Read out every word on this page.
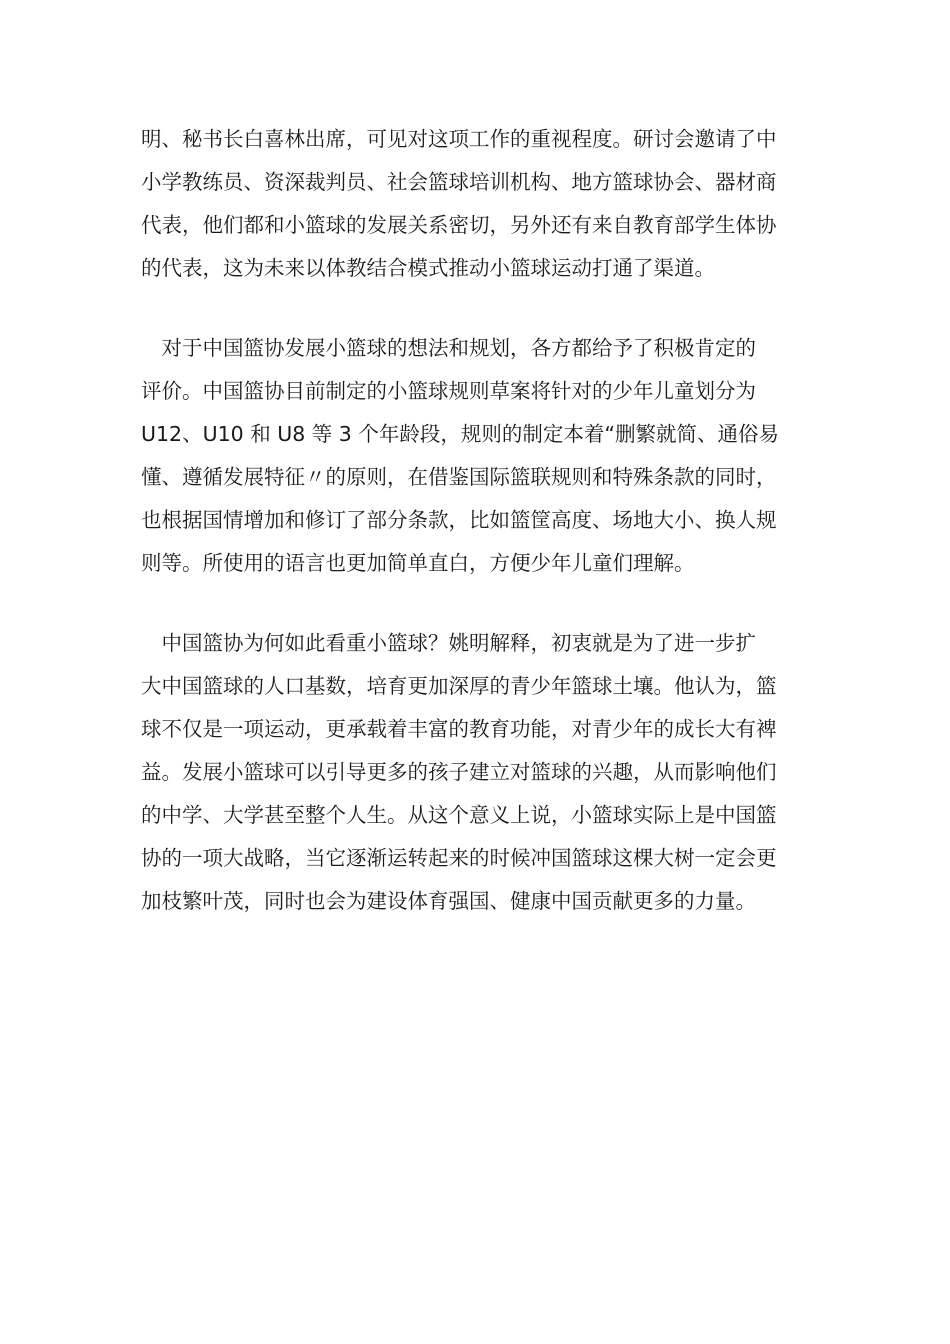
明、秘书长白喜林出席，可见对这项工作的重视程度。研讨会邀请了中
小学教练员、资深裁判员、社会篮球培训机构、地方篮球协会、器材商
代表，他们都和小篮球的发展关系密切，另外还有来自教育部学生体协
的代表，这为未来以体教结合模式推动小篮球运动打通了渠道。
　对于中国篮协发展小篮球的想法和规划，各方都给予了积极肯定的
评价。中国篮协目前制定的小篮球规则草案将针对的少年儿童划分为
U12、U10 和 U8 等 3 个年龄段，规则的制定本着“删繁就简、通俗易
懂、遵循发展特征〃的原则，在借鉴国际篮联规则和特殊条款的同时，
也根据国情增加和修订了部分条款，比如篮筐高度、场地大小、换人规
则等。所使用的语言也更加简单直白，方便少年儿童们理解。
　中国篮协为何如此看重小篮球？姚明解释，初衷就是为了进一步扩
大中国篮球的人口基数，培育更加深厚的青少年篮球土壤。他认为，篮
球不仅是一项运动，更承载着丰富的教育功能，对青少年的成长大有裨
益。发展小篮球可以引导更多的孩子建立对篮球的兴趣，从而影响他们
的中学、大学甚至整个人生。从这个意义上说，小篮球实际上是中国篮
协的一项大战略，当它逐渐运转起来的时候冲国篮球这棵大树一定会更
加枝繁叶茂，同时也会为建设体育强国、健康中国贡献更多的力量。
